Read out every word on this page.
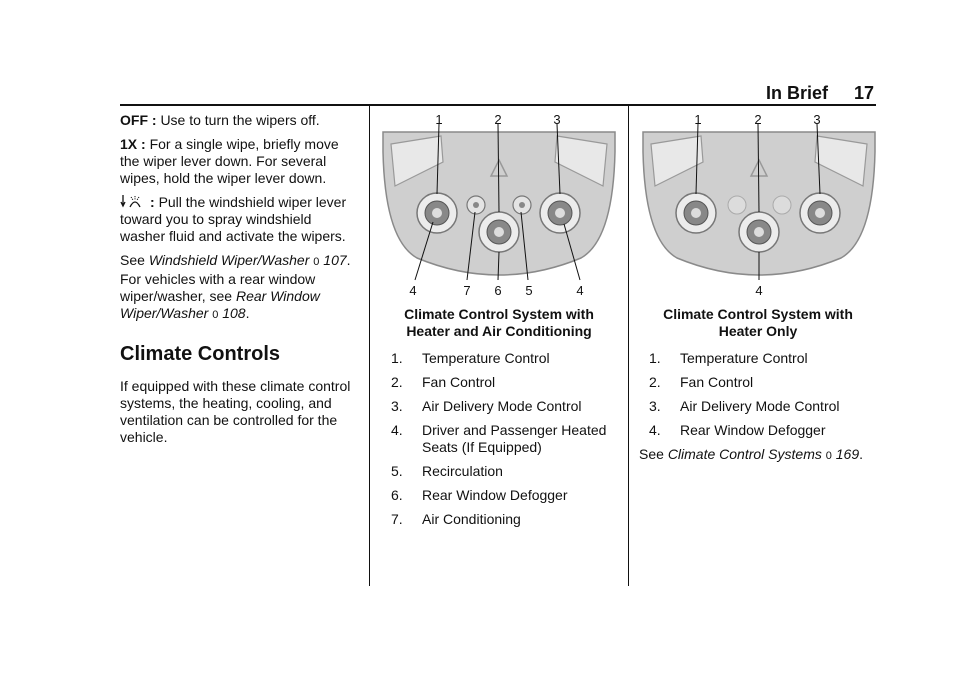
In Brief 17

OFF : Use to turn the wipers off.

1X : For a single wipe, briefly move the wiper lever down. For several wipes, hold the wiper lever down.

: Pull the windshield wiper lever toward you to spray windshield washer fluid and activate the wipers.

See Windshield Wiper/Washer 0 107. For vehicles with a rear window wiper/washer, see Rear Window Wiper/Washer 0 108.

Climate Controls

If equipped with these climate control systems, the heating, cooling, and ventilation can be controlled for the vehicle.

1	2	3
4	7 6 5	4
Climate Control System with
Heater and Air Conditioning
1.	Temperature Control
2.	Fan Control
3.	Air Delivery Mode Control
4.	Driver and Passenger Heated Seats (If Equipped)
5.	Recirculation
6.	Rear Window Defogger
7.	Air Conditioning
1	2	3
4
Climate Control System with
Heater Only
1.	Temperature Control
2.	Fan Control
3.	Air Delivery Mode Control
4.	Rear Window Defogger

See Climate Control Systems 0 169.
